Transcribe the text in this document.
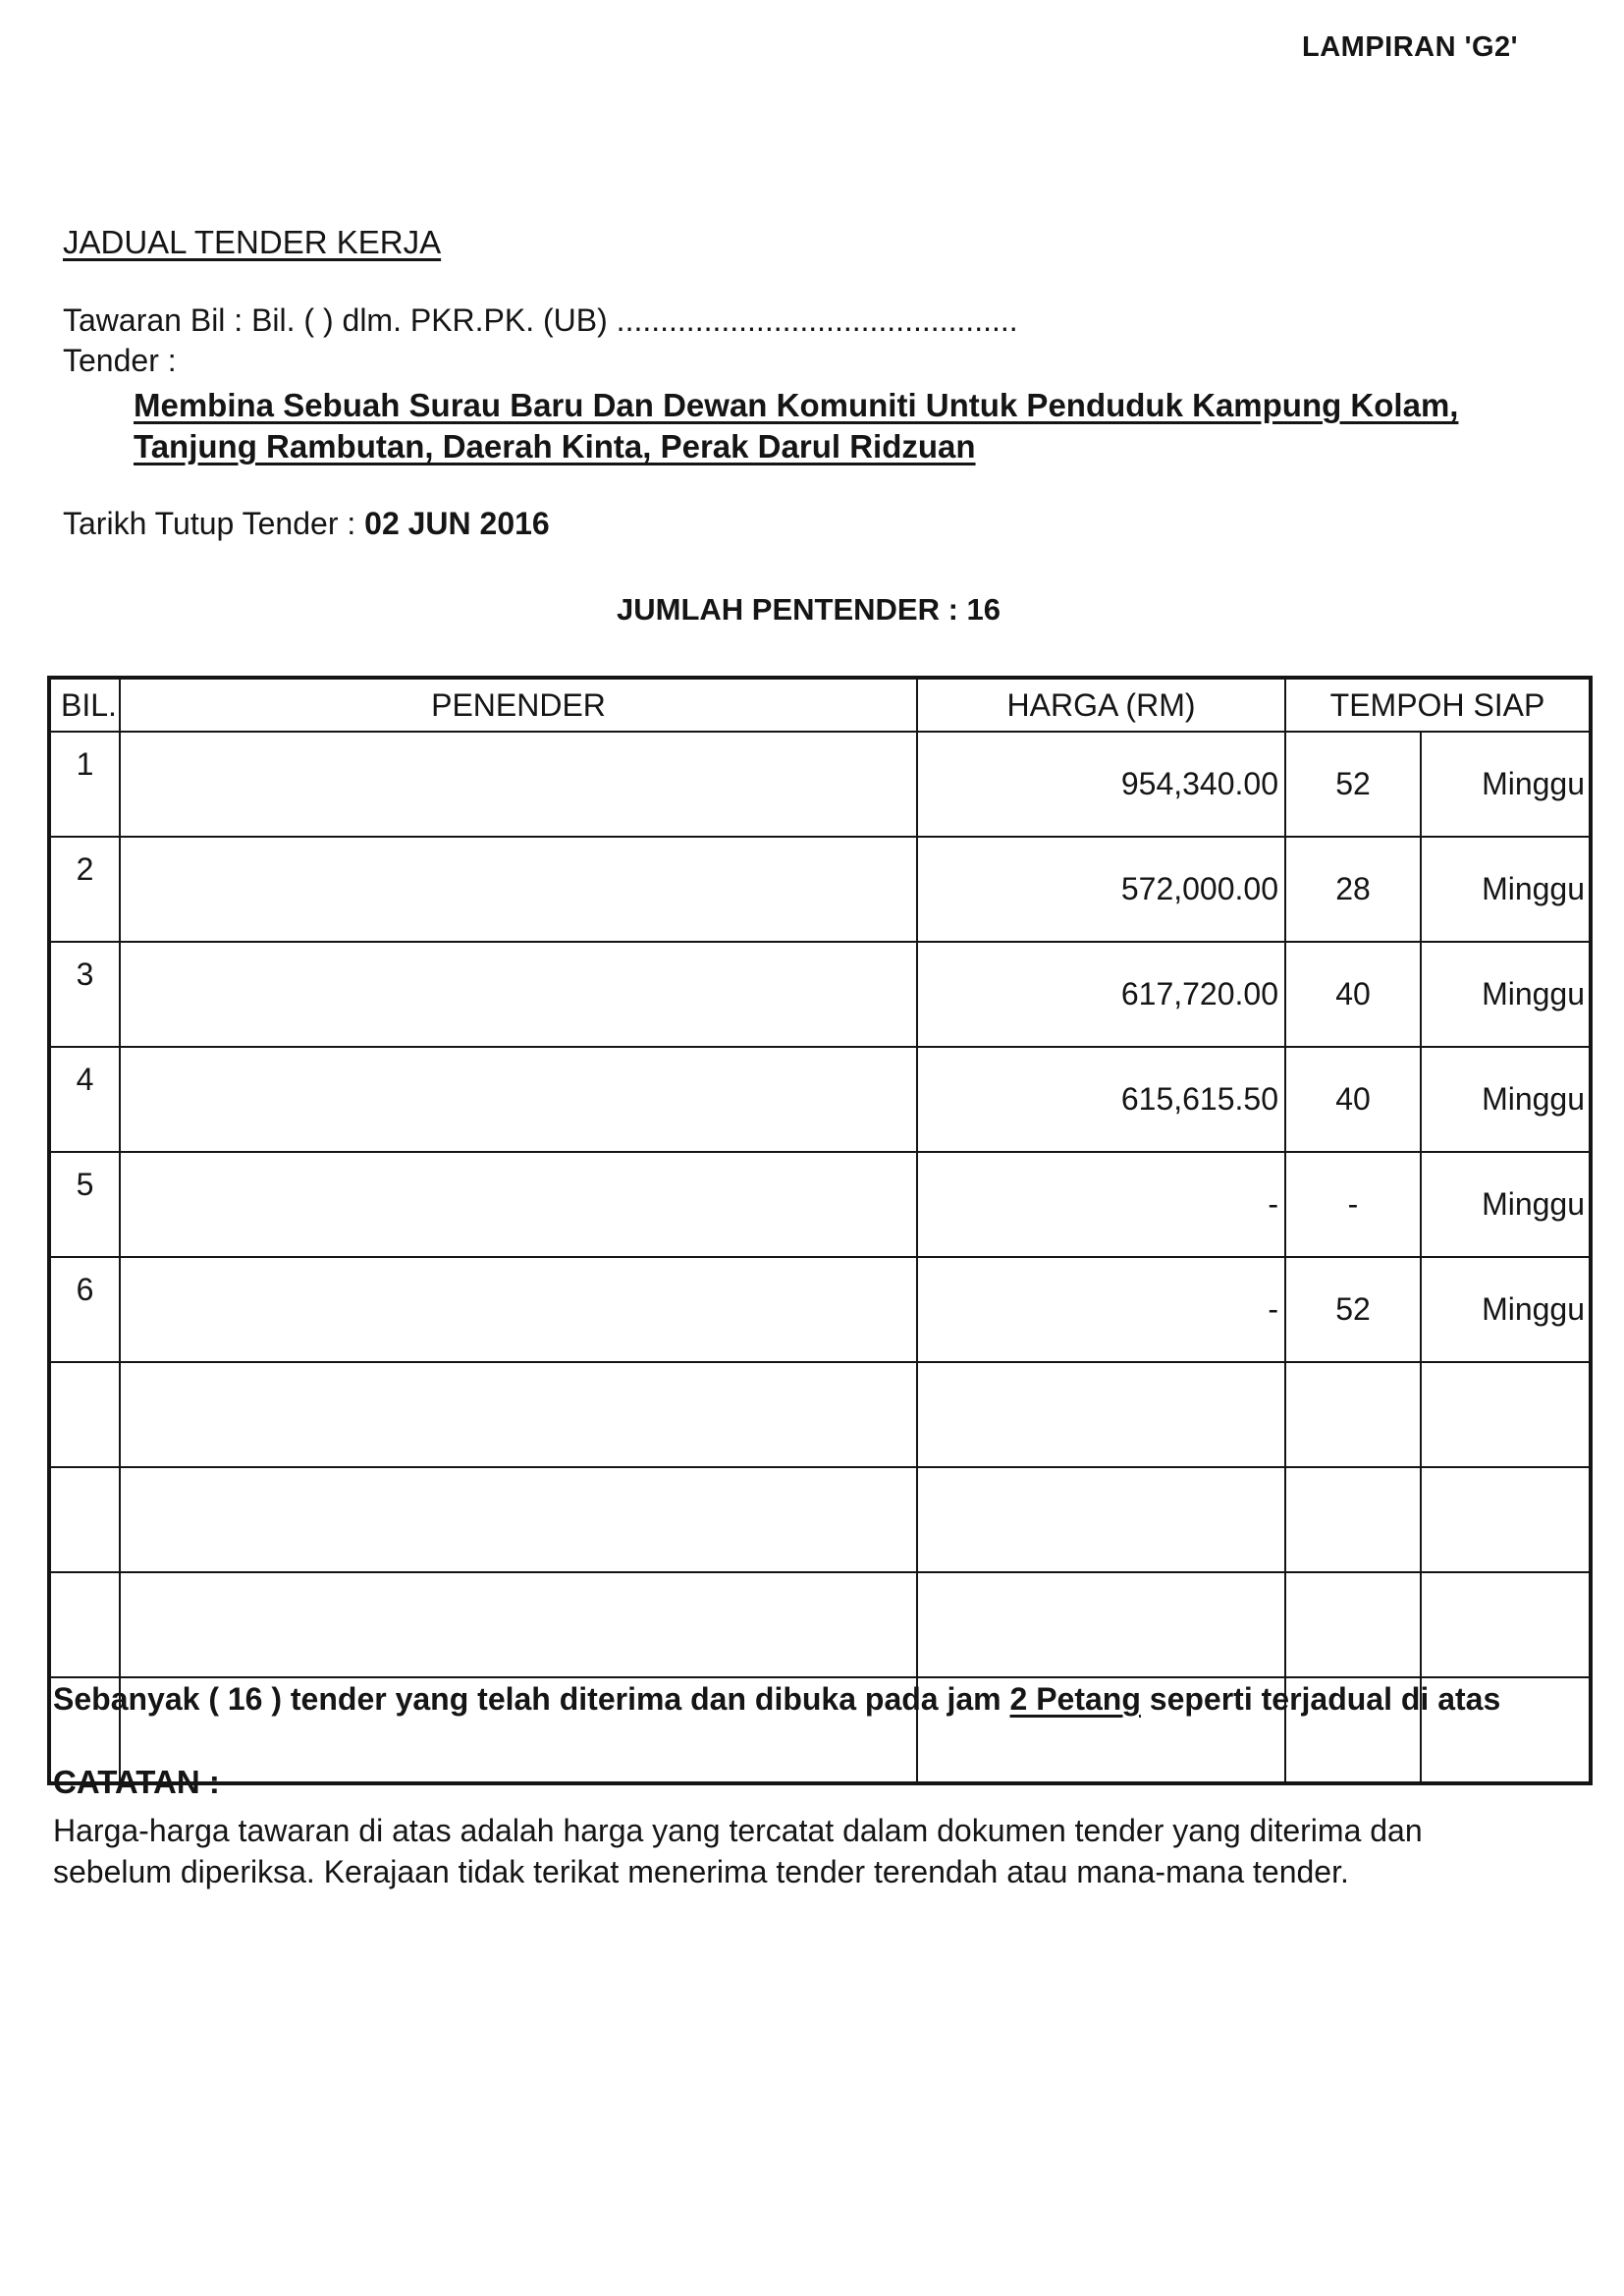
LAMPIRAN 'G2'
JADUAL TENDER KERJA
Tawaran Bil : Bil. ( ) dlm. PKR.PK. (UB) ..............................................
Tender :
Membina Sebuah Surau Baru Dan Dewan Komuniti Untuk Penduduk Kampung Kolam,
Tanjung Rambutan, Daerah Kinta, Perak Darul Ridzuan
Tarikh Tutup Tender : 02 JUN 2016
JUMLAH PENTENDER : 16
BIL.	PENENDER	HARGA (RM)	TEMPOH SIAP	
1		954,340.00	52	Minggu
2		572,000.00	28	Minggu
3		617,720.00	40	Minggu
4		615,615.50	40	Minggu
5		-	-	Minggu
6		-	52	Minggu

Sebanyak ( 16 ) tender yang telah diterima dan dibuka pada jam 2 Petang seperti terjadual di atas
CATATAN :
Harga-harga tawaran di atas adalah harga yang tercatat dalam dokumen tender yang diterima dan
sebelum diperiksa. Kerajaan tidak terikat menerima tender terendah atau mana-mana tender.
